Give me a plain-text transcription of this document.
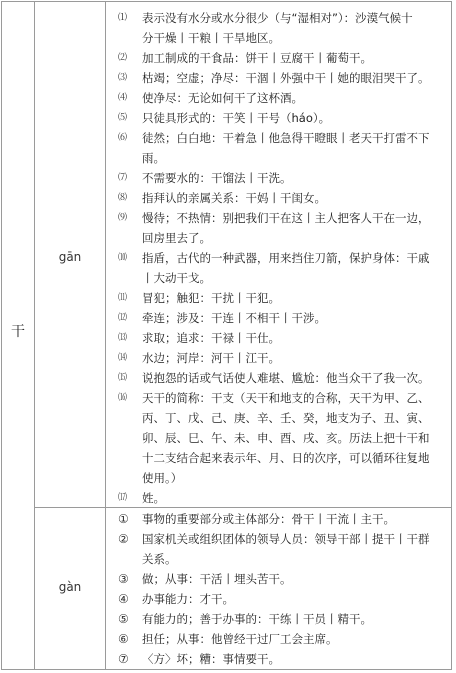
干
gān
gàn
⑴ 表示没有水分或水分很少（与“湿相对”）：沙漠气候十
分干燥丨干粮丨干旱地区。
⑵ 加工制成的干食品：饼干丨豆腐干丨葡萄干。
⑶ 枯竭；空虚；净尽：干涸丨外强中干丨她的眼泪哭干了。
⑷ 使净尽：无论如何干了这杯酒。
⑸ 只徒具形式的：干笑丨干号（háo）。
⑹ 徒然；白白地：干着急丨他急得干瞪眼丨老天干打雷不下
雨。
⑺ 不需要水的：干馏法丨干洗。
⑻ 指拜认的亲属关系：干妈丨干闺女。
⑼ 慢待；不热情：别把我们干在这丨主人把客人干在一边，
回房里去了。
⑽ 指盾，古代的一种武器，用来挡住刀箭，保护身体：干戚
丨大动干戈。
⑾ 冒犯；触犯：干扰丨干犯。
⑿ 牵连；涉及：干连丨不相干丨干涉。
⒀ 求取；追求：干禄丨干仕。
⒁ 水边；河岸：河干丨江干。
⒂ 说抱怨的话或气话使人难堪、尴尬：他当众干了我一次。
⒃ 天干的简称：干支（天干和地支的合称，天干为甲、乙、
丙、丁、戊、己、庚、辛、壬、癸，地支为子、丑、寅、
卯、辰、巳、午、未、申、酉、戌、亥。历法上把十干和
十二支结合起来表示年、月、日的次序，可以循环往复地
使用。）
⒄ 姓。
① 事物的重要部分或主体部分：骨干丨干流丨主干。
② 国家机关或组织团体的领导人员：领导干部丨提干丨干群
关系。
③ 做；从事：干活丨埋头苦干。
④ 办事能力：才干。
⑤ 有能力的；善于办事的：干练丨干员丨精干。
⑥ 担任；从事：他曾经干过厂工会主席。
⑦ 〈方〉坏；糟：事情要干。
